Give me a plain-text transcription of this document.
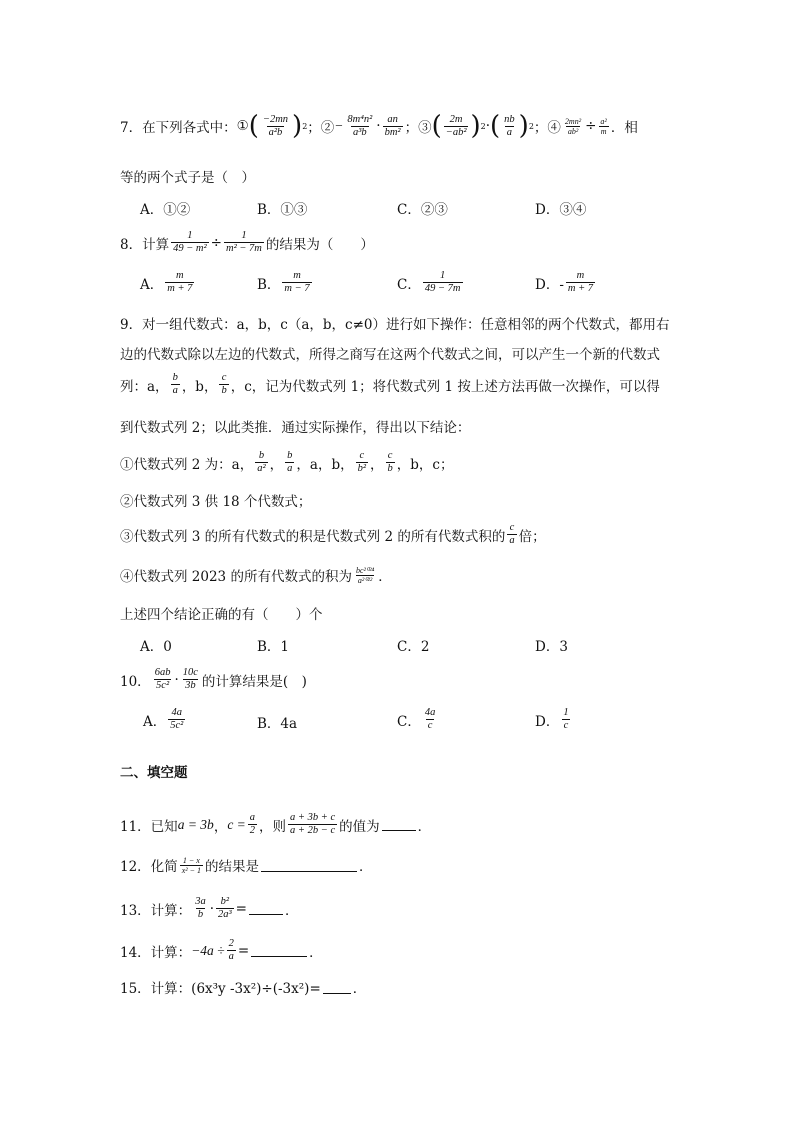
7．在下列各式中： ① ( $\frac{-2mn}{\text{a²b}}$ ) 2 ；② − $\frac{\text{8m⁴n²}}{\text{a³b}} \cdot \frac{an}{\text{bm²}}$ ；③ ( $\frac{2m}{\text{−ab²}}$ ) 2 · ( $\frac{nb}{a}$ ) 2 ；④ $\frac{\text{2mn²}}{\text{ab²}} \div \frac{\text{a²}}{m}$ ．相
等的两个式子是（　）
A．①②	B．①③	C．②③	D．③④
8．计算 $\frac{1}{\text{49 − m²}} \div \frac{1}{\text{m² − 7m}}$ 的结果为（　　）
A． $\frac{m}{m + 7}$	B． $\frac{m}{m - 7}$	C． $\frac{1}{49 - 7m}$	D．- $\frac{m}{m + 7}$
9．对一组代数式：a，b，c（a，b，c≠0）进行如下操作：任意相邻的两个代数式，都用右
边的代数式除以左边的代数式，所得之商写在这两个代数式之间，可以产生一个新的代数式
列：a， $\frac{b}{a}$ ，b， $\frac{c}{b}$ ，c，记为代数式列 1；将代数式列 1 按上述方法再做一次操作，可以得
到代数式列 2；以此类推．通过实际操作，得出以下结论：
①代数式列 2 为：a， $\frac{b}{\text{a²}}$ ， $\frac{b}{a}$ ，a，b， $\frac{c}{\text{b²}}$ ， $\frac{c}{b}$ ，b，c；
②代数式列 3 供 18 个代数式；
③代数式列 3 的所有代数式的积是代数式列 2 的所有代数式积的 $\frac{c}{a}$ 倍；
④代数式列 2023 的所有代数式的积为 $\frac{\text{bc²⁰²⁴}}{\text{a²⁰²²}}$ ．
上述四个结论正确的有（　　）个
A．0	B．1	C．2	D．3
10． $\frac{6ab}{\text{5c²}} \cdot \frac{10c}{3b}$ 的计算结果是(　)
A． $\frac{4a}{\text{5c²}}$	B．4a	C． $\frac{4a}{c}$	D． $\frac{1}{c}$
二、填空题
11．已知 a = 3b ， $c = \frac{a}{2}$ ，则 $\frac{a + 3b + c}{a + 2b - c}$ 的值为	．
12．化简 $\frac{1 - x}{\text{x² − 1}}$ 的结果是	．
13．计算： $\frac{3a}{b} \cdot \frac{\text{b²}}{\text{2a³}}$ =	．
14．计算： $-4a \div \frac{2}{a}$ =	．
15．计算：(6x³y -3x²)÷(-3x²)= ．
